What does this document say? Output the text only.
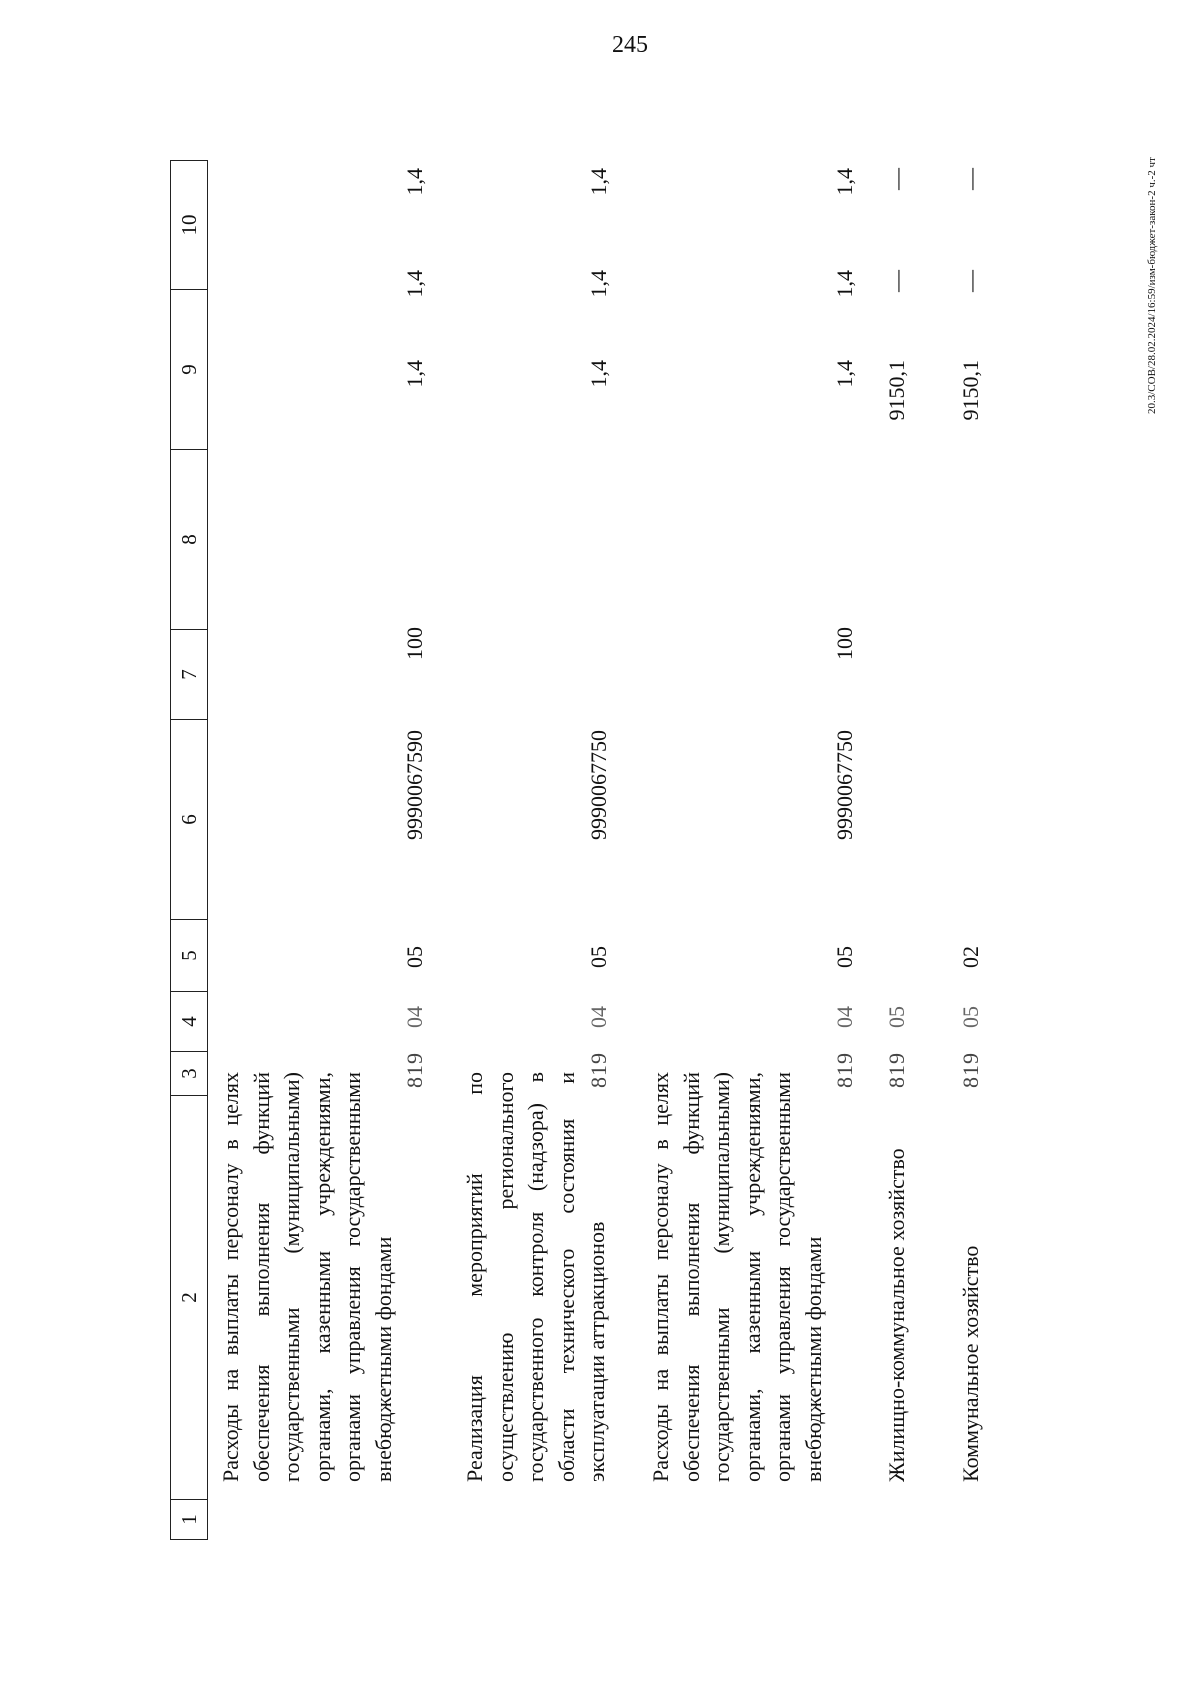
245
20.3/СОВ/28.02.2024/16:59/изм-бюджет-закон-2 ч.-2 чт
1
2
3
4
5
6
7
8
9
10
Расходы на выплаты персоналу в целях обеспечения выполнения функций государственными (муниципальными) органами, казенными учреждениями, органами управления государственными внебюджетными фондами
819
04
05
9990067590
100
1,4
1,4
1,4
Реализация мероприятий по осуществлению регионального государственного контроля (надзора) в области технического состояния и эксплуатации аттракционов
819
04
05
9990067750
1,4
1,4
1,4
Расходы на выплаты персоналу в целях обеспечения выполнения функций государственными (муниципальными) органами, казенными учреждениями, органами управления государственными внебюджетными фондами
819
04
05
9990067750
100
1,4
1,4
1,4
Жилищно-коммунальное хозяйство
819
05
9150,1
—
—
Коммунальное хозяйство
819
05
02
9150,1
—
—
